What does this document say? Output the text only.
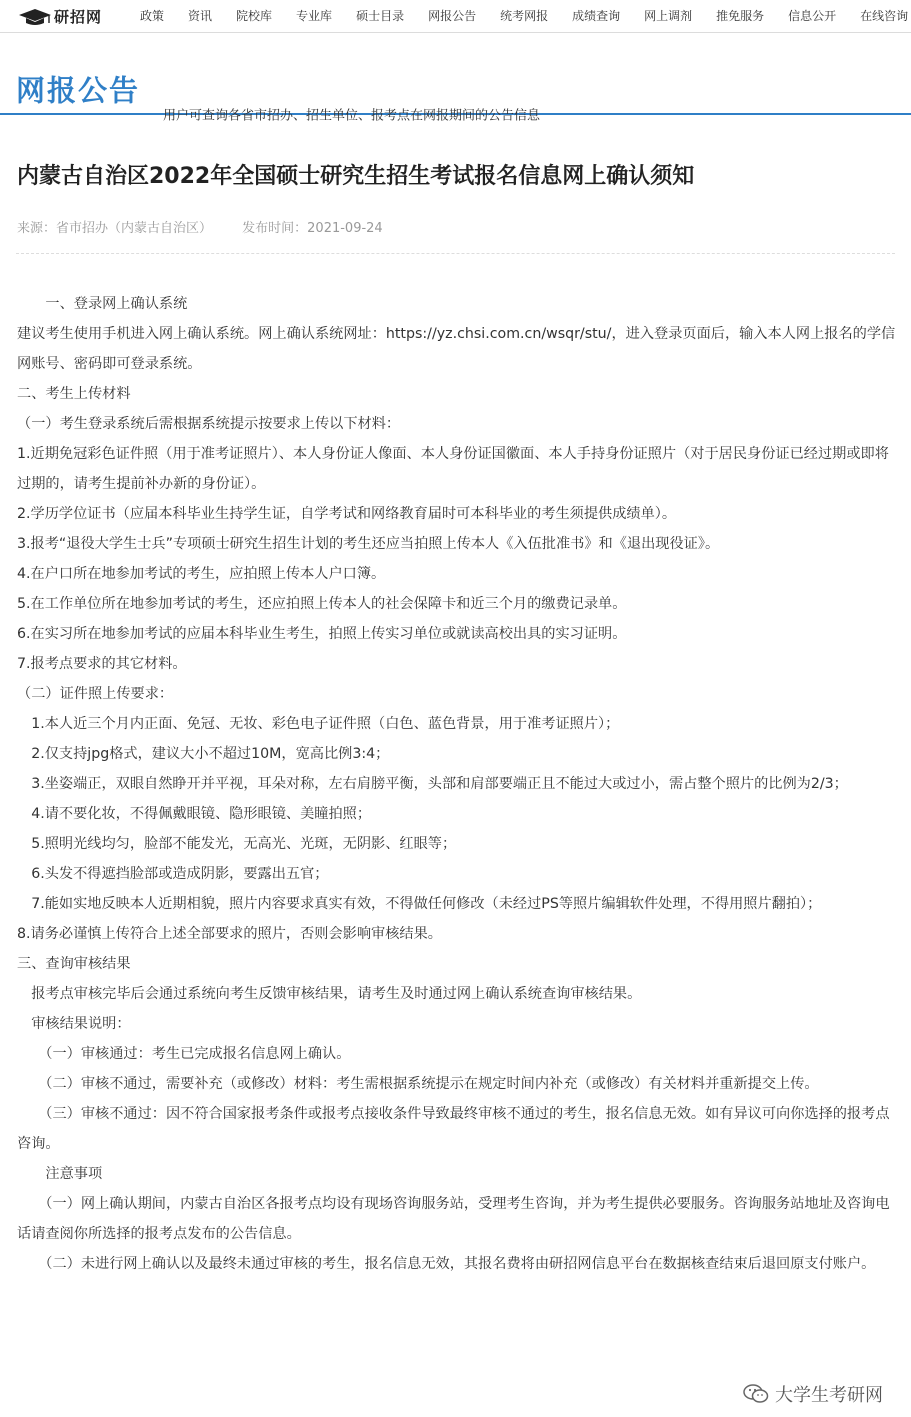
研招网	政策	资讯	院校库	专业库	硕士目录	网报公告	统考网报	成绩查询	网上调剂	推免服务	信息公开	在线咨询
网报公告
用户可查询各省市招办、招生单位、报考点在网报期间的公告信息
内蒙古自治区2022年全国硕士研究生招生考试报名信息网上确认须知
来源：省市招办（内蒙古自治区） 发布时间：2021-09-24

　　一、登录网上确认系统

建议考生使用手机进入网上确认系统。网上确认系统网址：https://yz.chsi.com.cn/wsqr/stu/，进入登录页面后，输入本人网上报名的学信网账号、密码即可登录系统。

二、考生上传材料

（一）考生登录系统后需根据系统提示按要求上传以下材料：

1.近期免冠彩色证件照（用于准考证照片）、本人身份证人像面、本人身份证国徽面、本人手持身份证照片（对于居民身份证已经过期或即将过期的，请考生提前补办新的身份证）。

2.学历学位证书（应届本科毕业生持学生证，自学考试和网络教育届时可本科毕业的考生须提供成绩单）。

3.报考“退役大学生士兵”专项硕士研究生招生计划的考生还应当拍照上传本人《入伍批准书》和《退出现役证》。

4.在户口所在地参加考试的考生，应拍照上传本人户口簿。

5.在工作单位所在地参加考试的考生，还应拍照上传本人的社会保障卡和近三个月的缴费记录单。

6.在实习所在地参加考试的应届本科毕业生考生，拍照上传实习单位或就读高校出具的实习证明。

7.报考点要求的其它材料。

（二）证件照上传要求：

　1.本人近三个月内正面、免冠、无妆、彩色电子证件照（白色、蓝色背景，用于准考证照片）；

　2.仅支持jpg格式，建议大小不超过10M，宽高比例3:4；

　3.坐姿端正，双眼自然睁开并平视，耳朵对称，左右肩膀平衡，头部和肩部要端正且不能过大或过小，需占整个照片的比例为2/3；

　4.请不要化妆，不得佩戴眼镜、隐形眼镜、美瞳拍照；

　5.照明光线均匀，脸部不能发光，无高光、光斑，无阴影、红眼等；

　6.头发不得遮挡脸部或造成阴影，要露出五官；

　7.能如实地反映本人近期相貌，照片内容要求真实有效，不得做任何修改（未经过PS等照片编辑软件处理，不得用照片翻拍）；

8.请务必谨慎上传符合上述全部要求的照片，否则会影响审核结果。

三、查询审核结果

　报考点审核完毕后会通过系统向考生反馈审核结果，请考生及时通过网上确认系统查询审核结果。

　审核结果说明：

　　（一）审核通过：考生已完成报名信息网上确认。

　　（二）审核不通过，需要补充（或修改）材料：考生需根据系统提示在规定时间内补充（或修改）有关材料并重新提交上传。

　　（三）审核不通过：因不符合国家报考条件或报考点接收条件导致最终审核不通过的考生，报名信息无效。如有异议可向你选择的报考点咨询。

　　注意事项

　　（一）网上确认期间，内蒙古自治区各报考点均设有现场咨询服务站，受理考生咨询，并为考生提供必要服务。咨询服务站地址及咨询电话请查阅你所选择的报考点发布的公告信息。

　　（二）未进行网上确认以及最终未通过审核的考生，报名信息无效，其报名费将由研招网信息平台在数据核查结束后退回原支付账户。

大学生考研网
